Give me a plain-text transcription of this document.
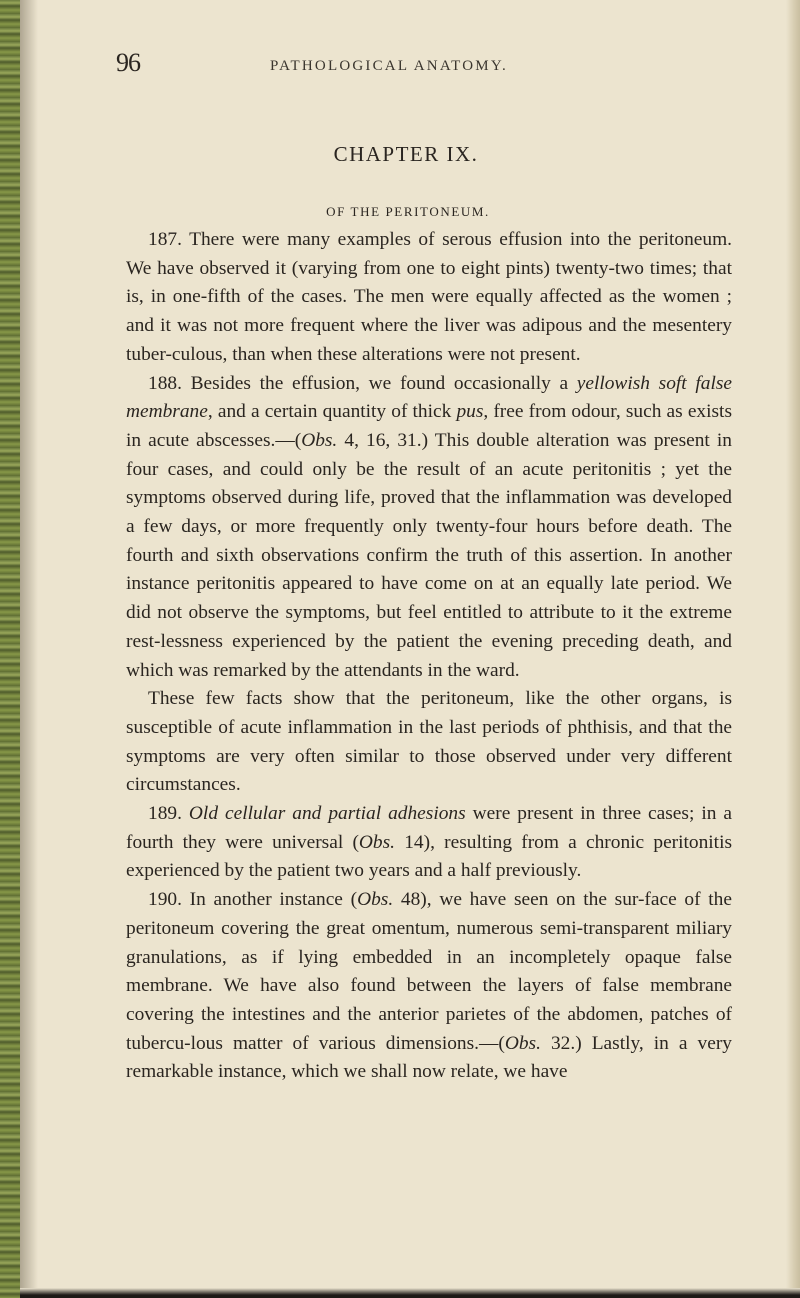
96	PATHOLOGICAL ANATOMY.
CHAPTER IX.
OF THE PERITONEUM.

187. There were many examples of serous effusion into the peritoneum. We have observed it (varying from one to eight pints) twenty-two times; that is, in one-fifth of the cases. The men were equally affected as the women ; and it was not more frequent where the liver was adipous and the mesentery tuber-culous, than when these alterations were not present.

188. Besides the effusion, we found occasionally a yellowish soft false membrane, and a certain quantity of thick pus, free from odour, such as exists in acute abscesses.—(Obs. 4, 16, 31.) This double alteration was present in four cases, and could only be the result of an acute peritonitis ; yet the symptoms observed during life, proved that the inflammation was developed a few days, or more frequently only twenty-four hours before death. The fourth and sixth observations confirm the truth of this assertion. In another instance peritonitis appeared to have come on at an equally late period. We did not observe the symptoms, but feel entitled to attribute to it the extreme rest-lessness experienced by the patient the evening preceding death, and which was remarked by the attendants in the ward.

These few facts show that the peritoneum, like the other organs, is susceptible of acute inflammation in the last periods of phthisis, and that the symptoms are very often similar to those observed under very different circumstances.

189. Old cellular and partial adhesions were present in three cases; in a fourth they were universal (Obs. 14), resulting from a chronic peritonitis experienced by the patient two years and a half previously.

190. In another instance (Obs. 48), we have seen on the sur-face of the peritoneum covering the great omentum, numerous semi-transparent miliary granulations, as if lying embedded in an incompletely opaque false membrane. We have also found between the layers of false membrane covering the intestines and the anterior parietes of the abdomen, patches of tubercu-lous matter of various dimensions.—(Obs. 32.) Lastly, in a very remarkable instance, which we shall now relate, we have
